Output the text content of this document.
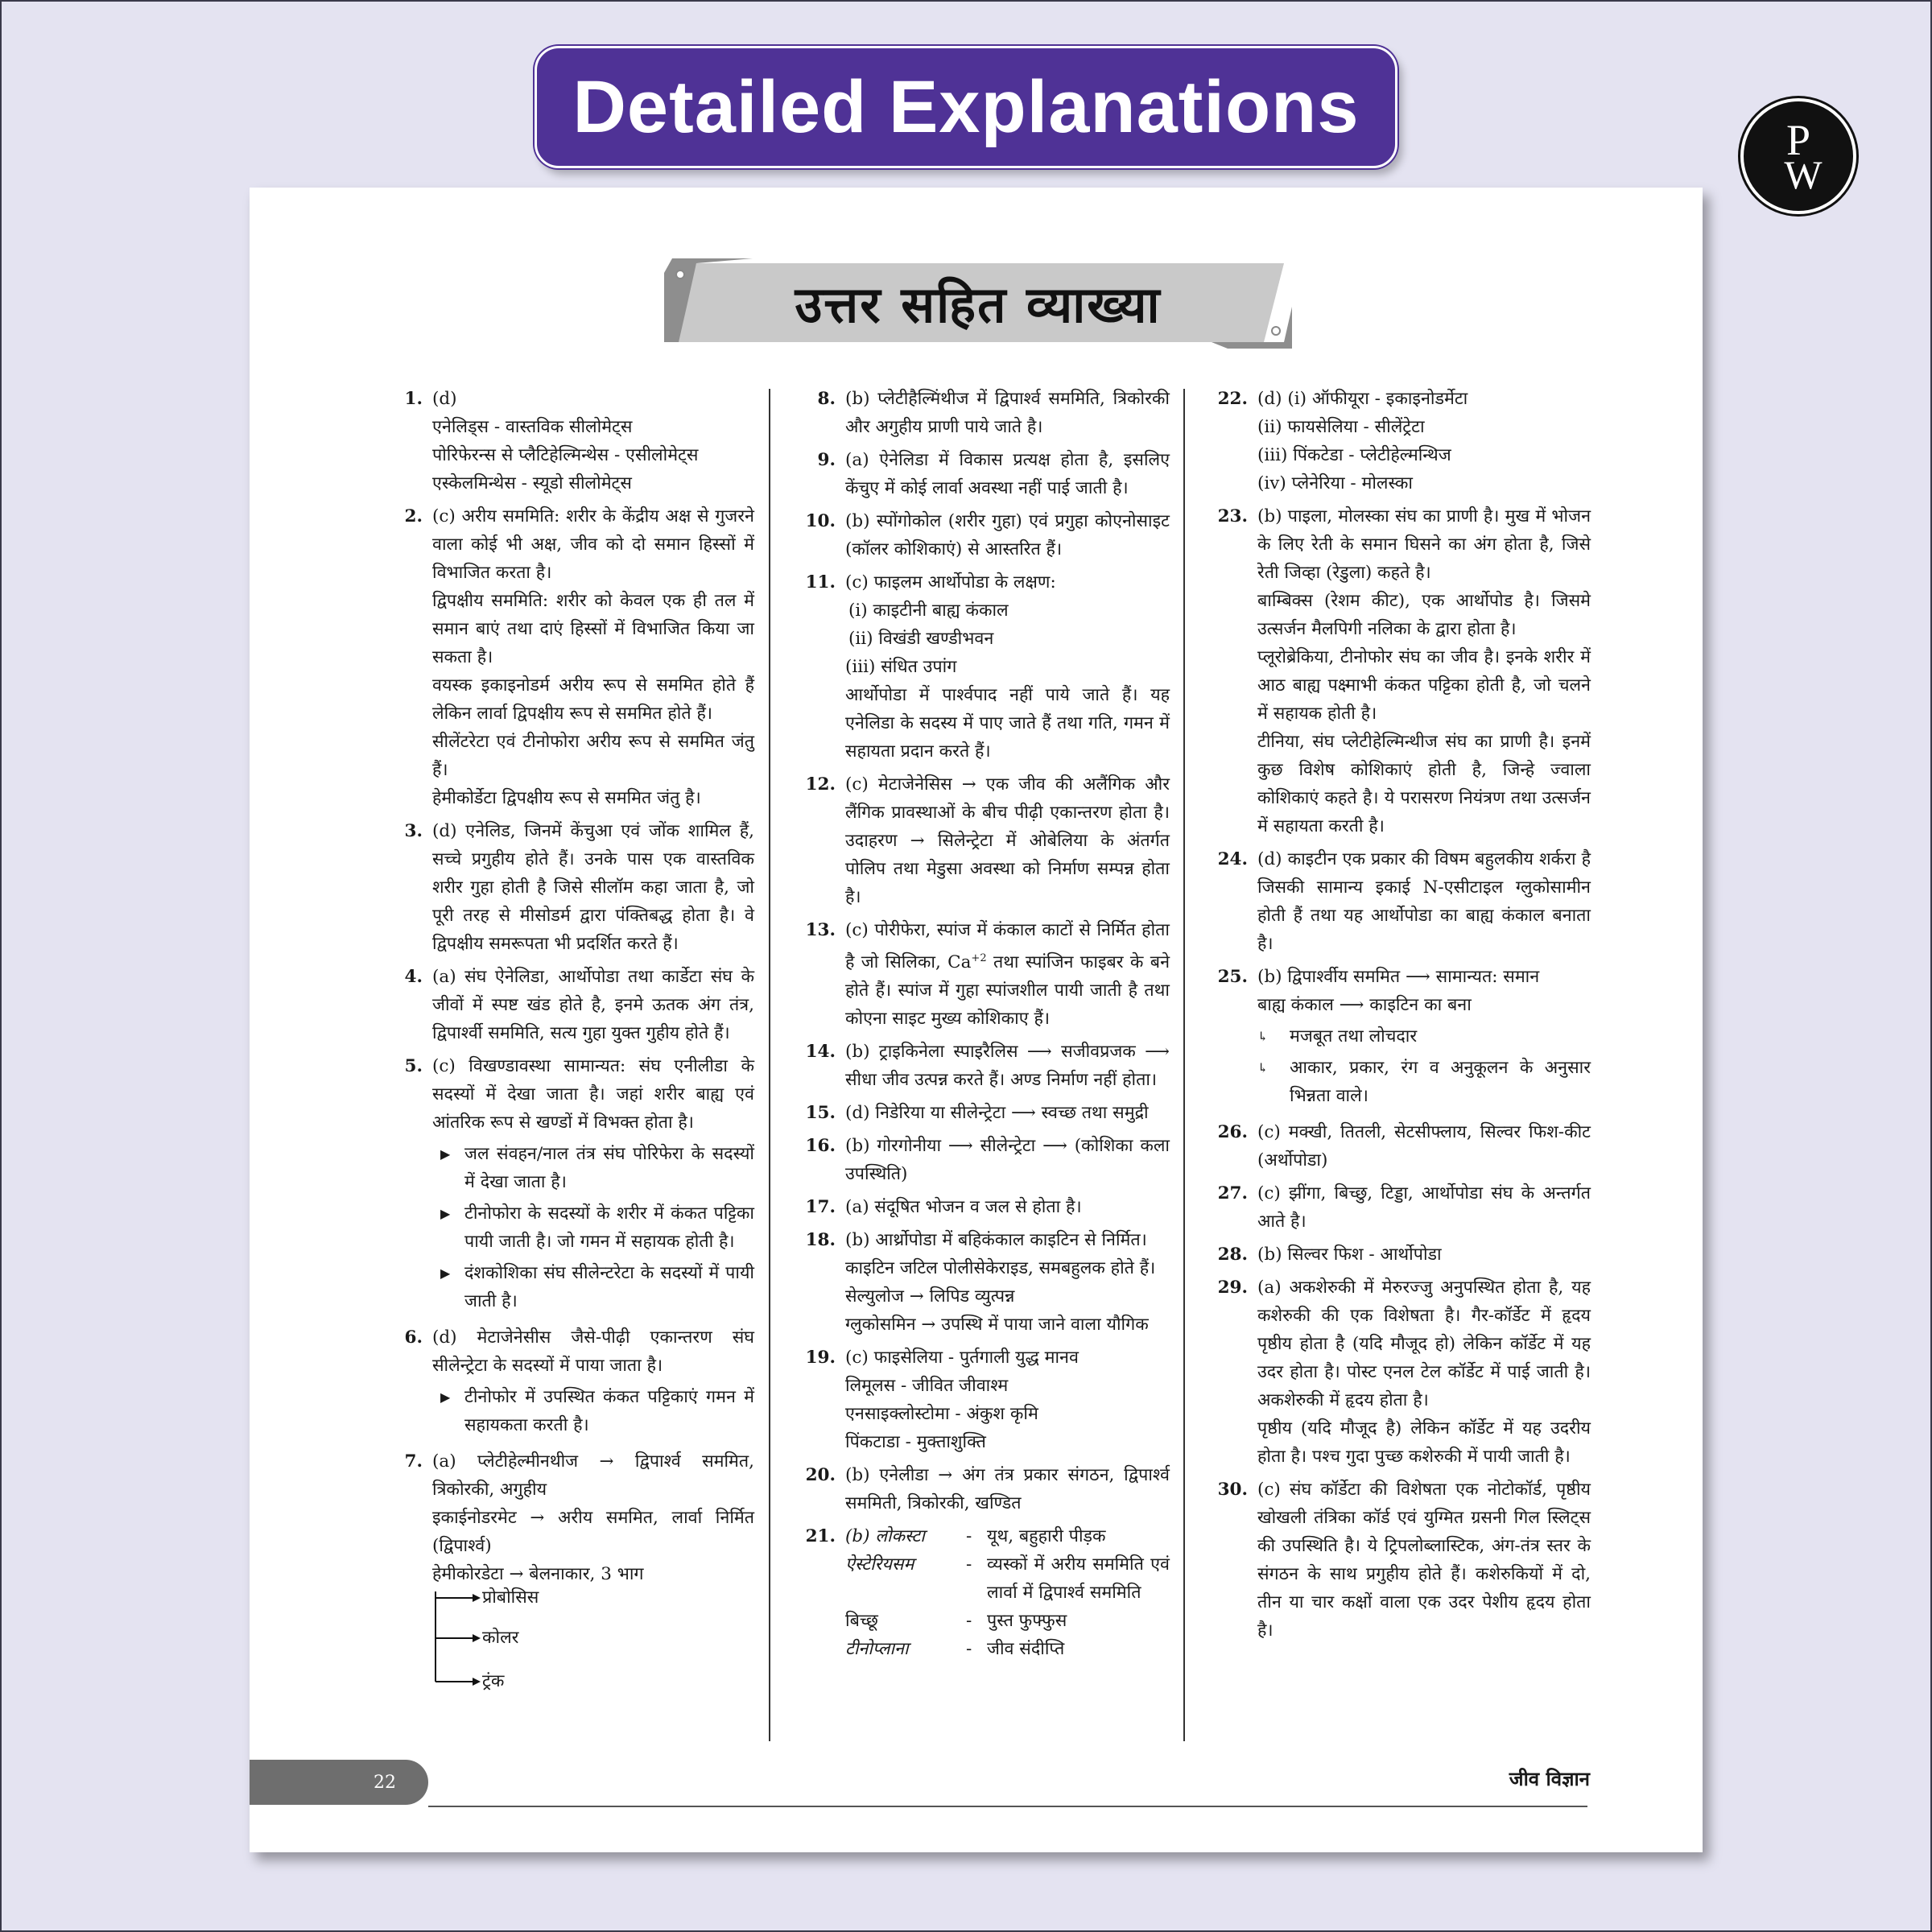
Detailed Explanations	P
W
उत्तर सहित व्याख्या
1. (d)

एनेलिड्स - वास्तविक सीलोमेट्स

पोरिफेरन्स से प्लैटिहेल्मिन्थेस - एसीलोमेट्स

एस्केलमिन्थेस - स्यूडो सीलोमेट्स

2. (c) अरीय सममिति: शरीर के केंद्रीय अक्ष से गुजरने वाला कोई भी अक्ष, जीव को दो समान हिस्सों में विभाजित करता है।

द्विपक्षीय सममिति: शरीर को केवल एक ही तल में समान बाएं तथा दाएं हिस्सों में विभाजित किया जा सकता है।

वयस्क इकाइनोडर्म अरीय रूप से सममित होते हैं लेकिन लार्वा द्विपक्षीय रूप से सममित होते हैं।

सीलेंटरेटा एवं टीनोफोरा अरीय रूप से सममित जंतु हैं।

हेमीकोर्डेटा द्विपक्षीय रूप से सममित जंतु है।

3. (d) एनेलिड, जिनमें केंचुआ एवं जोंक शामिल हैं, सच्चे प्रगुहीय होते हैं। उनके पास एक वास्तविक शरीर गुहा होती है जिसे सीलॉम कहा जाता है, जो पूरी तरह से मीसोडर्म द्वारा पंक्तिबद्ध होता है। वे द्विपक्षीय समरूपता भी प्रदर्शित करते हैं।

4. (a) संघ ऐनेलिडा, आर्थोपोडा तथा कार्डेटा संघ के जीवों में स्पष्ट खंड होते है, इनमे ऊतक अंग तंत्र, द्विपार्श्वी सममिति, सत्य गुहा युक्त गुहीय होते हैं।

5. (c) विखण्डावस्था सामान्यत: संघ एनीलीडा के सदस्यों में देखा जाता है। जहां शरीर बाह्य एवं आंतरिक रूप से खण्डों में विभक्त होता है।

▶ जल संवहन/नाल तंत्र संघ पोरिफेरा के सदस्यों में देखा जाता है।
▶ टीनोफोरा के सदस्यों के शरीर में कंकत पट्टिका पायी जाती है। जो गमन में सहायक होती है।
▶ दंशकोशिका संघ सीलेन्टरेटा के सदस्यों में पायी जाती है।
6. (d) मेटाजेनेसीस जैसे-पीढ़ी एकान्तरण संघ सीलेन्ट्रेटा के सदस्यों में पाया जाता है।

▶ टीनोफोर में उपस्थित कंकत पट्टिकाएं गमन में सहायकता करती है।
7. (a) प्लेटीहेल्मीनथीज → द्विपार्श्व सममित, त्रिकोरकी, अगुहीय

इकाईनोडरमेट → अरीय सममित, लार्वा निर्मित (द्विपार्श्व)

हेमीकोरडेटा → बेलनाकार, 3 भाग

प्रोबोसिस
कोलर
ट्रंक
8. (b) प्लेटीहैल्मिंथीज में द्विपार्श्व सममिति, त्रिकोरकी और अगुहीय प्राणी पाये जाते है।

9. (a) ऐनेलिडा में विकास प्रत्यक्ष होता है, इसलिए केंचुए में कोई लार्वा अवस्था नहीं पाई जाती है।

10. (b) स्पोंगोकोल (शरीर गुहा) एवं प्रगुहा कोएनोसाइट (कॉलर कोशिकाएं) से आस्तरित हैं।

11. (c) फाइलम आर्थोपोडा के लक्षण:

(i) काइटीनी बाह्य कंकाल

(ii) विखंडी खण्डीभवन

(iii) संधित उपांग

आर्थोपोडा में पार्श्वपाद नहीं पाये जाते हैं। यह एनेलिडा के सदस्य में पाए जाते हैं तथा गति, गमन में सहायता प्रदान करते हैं।

12. (c) मेटाजेनेसिस → एक जीव की अलैंगिक और लैंगिक प्रावस्थाओं के बीच पीढ़ी एकान्तरण होता है। उदाहरण → सिलेन्ट्रेटा में ओबेलिया के अंतर्गत पोलिप तथा मेडुसा अवस्था को निर्माण सम्पन्न होता है।

13. (c) पोरीफेरा, स्पांज में कंकाल काटों से निर्मित होता है जो सिलिका, $Ca^{+2}$ तथा स्पांजिन फाइबर के बने होते हैं। स्पांज में गुहा स्पांजशील पायी जाती है तथा कोएना साइट मुख्य कोशिकाए हैं।

14. (b) ट्राइकिनेला स्पाइरैलिस ⟶ सजीवप्रजक ⟶ सीधा जीव उत्पन्न करते हैं। अण्ड निर्माण नहीं होता।

15. (d) निडेरिया या सीलेन्ट्रेटा ⟶ स्वच्छ तथा समुद्री

16. (b) गोरगोनीया ⟶ सीलेन्ट्रेटा ⟶ (कोशिका कला उपस्थिति)

17. (a) संदूषित भोजन व जल से होता है।

18. (b) आर्थ्रोपोडा में बहिकंकाल काइटिन से निर्मित।

काइटिन जटिल पोलीसेकेराइड, समबहुलक होते हैं।

सेल्युलोज → लिपिड व्युत्पन्न

ग्लुकोसमिन → उपस्थि में पाया जाने वाला यौगिक

19. (c) फाइसेलिया - पुर्तगाली युद्ध मानव

लिमूलस - जीवित जीवाश्म

एनसाइक्लोस्टोमा - अंकुश कृमि

पिंकटाडा - मुक्ताशुक्ति

20. (b) एनेलीडा → अंग तंत्र प्रकार संगठन, द्विपार्श्व सममिती, त्रिकोरकी, खण्डित

21. (b) लोकस्टा	- यूथ, बहुहारी पीड़क
ऐस्टेरियसम	- व्यस्कों में अरीय सममिति एवं लार्वा में द्विपार्श्व सममिति
बिच्छू	- पुस्त फुफ्फुस
टीनोप्लाना	- जीव संदीप्ति
22. (d) (i) ऑफीयूरा - इकाइनोडर्मेटा

(ii) फायसेलिया - सीलेंट्रेटा

(iii) पिंकटेडा - प्लेटीहेल्मन्थिज

(iv) प्लेनेरिया - मोलस्का

23. (b) पाइला, मोलस्का संघ का प्राणी है। मुख में भोजन के लिए रेती के समान घिसने का अंग होता है, जिसे रेती जिव्हा (रेडुला) कहते है।

बाम्बिक्स (रेशम कीट), एक आर्थोपोड है। जिसमे उत्सर्जन मैलपिगी नलिका के द्वारा होता है।

प्लूरोब्रेकिया, टीनोफोर संघ का जीव है। इनके शरीर में आठ बाह्य पक्ष्माभी कंकत पट्टिका होती है, जो चलने में सहायक होती है।

टीनिया, संघ प्लेटीहेल्मिन्थीज संघ का प्राणी है। इनमें कुछ विशेष कोशिकाएं होती है, जिन्हे ज्वाला कोशिकाएं कहते है। ये परासरण नियंत्रण तथा उत्सर्जन में सहायता करती है।

24. (d) काइटीन एक प्रकार की विषम बहुलकीय शर्करा है जिसकी सामान्य इकाई N-एसीटाइल ग्लुकोसामीन होती हैं तथा यह आर्थोपोडा का बाह्य कंकाल बनाता है।

25. (b) द्विपार्श्वीय सममित ⟶ सामान्यत: समान

बाह्य कंकाल ⟶ काइटिन का बना

↳	मजबूत तथा लोचदार
↳	आकार, प्रकार, रंग व अनुकूलन के अनुसार भिन्नता वाले।
26. (c) मक्खी, तितली, सेटसीफ्लाय, सिल्वर फिश-कीट (अर्थोपोडा)

27. (c) झींगा, बिच्छु, टिड्डा, आर्थोपोडा संघ के अन्तर्गत आते है।

28. (b) सिल्वर फिश - आर्थोपोडा

29. (a) अकशेरुकी में मेरुरज्जु अनुपस्थित होता है, यह कशेरुकी की एक विशेषता है। गैर-कॉर्डेट में हृदय पृष्ठीय होता है (यदि मौजूद हो) लेकिन कॉर्डेट में यह उदर होता है। पोस्ट एनल टेल कॉर्डेट में पाई जाती है। अकशेरुकी में हृदय होता है।

पृष्ठीय (यदि मौजूद है) लेकिन कॉर्डेट में यह उदरीय होता है। पश्च गुदा पुच्छ कशेरुकी में पायी जाती है।

30. (c) संघ कॉर्डेटा की विशेषता एक नोटोकॉर्ड, पृष्ठीय खोखली तंत्रिका कॉर्ड एवं युग्मित ग्रसनी गिल स्लिट्स की उपस्थिति है। ये ट्रिपलोब्लास्टिक, अंग-तंत्र स्तर के संगठन के साथ प्रगुहीय होते हैं। कशेरुकियों में दो, तीन या चार कक्षों वाला एक उदर पेशीय हृदय होता है।

22	जीव विज्ञान
